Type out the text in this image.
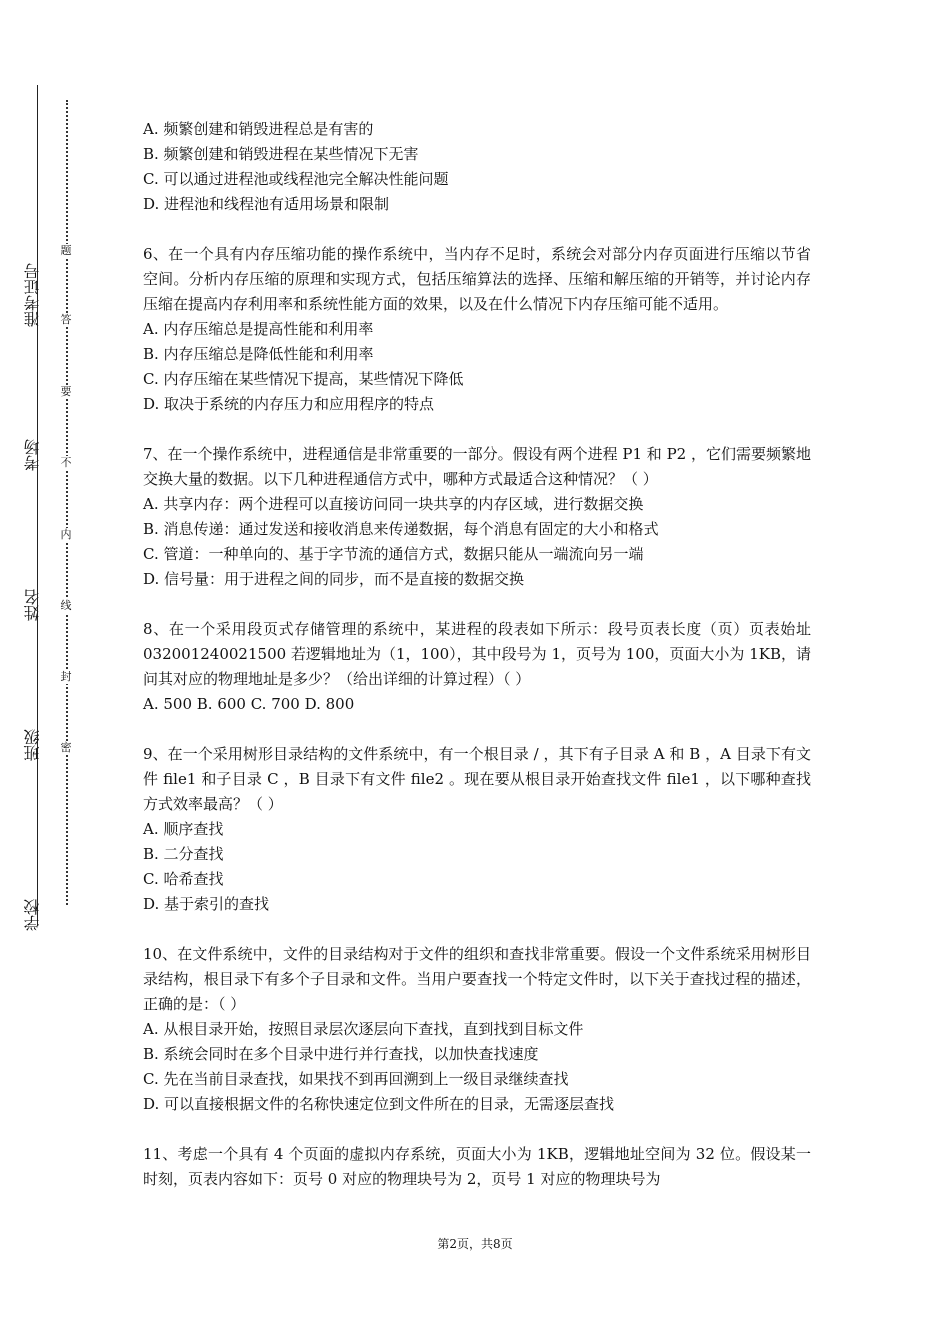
准考证号
考场
姓名
班级
学校
题
答
要
不
内
线
封
密

A. 频繁创建和销毁进程总是有害的

B. 频繁创建和销毁进程在某些情况下无害

C. 可以通过进程池或线程池完全解决性能问题

D. 进程池和线程池有适用场景和限制

6、在一个具有内存压缩功能的操作系统中，当内存不足时，系统会对部分内存页面进行压缩以节省空间。分析内存压缩的原理和实现方式，包括压缩算法的选择、压缩和解压缩的开销等，并讨论内存压缩在提高内存利用率和系统性能方面的效果，以及在什么情况下内存压缩可能不适用。

A. 内存压缩总是提高性能和利用率

B. 内存压缩总是降低性能和利用率

C. 内存压缩在某些情况下提高，某些情况下降低

D. 取决于系统的内存压力和应用程序的特点

7、在一个操作系统中，进程通信是非常重要的一部分。假设有两个进程 P1 和 P2 ，它们需要频繁地交换大量的数据。以下几种进程通信方式中，哪种方式最适合这种情况？（ ）

A. 共享内存：两个进程可以直接访问同一块共享的内存区域，进行数据交换

B. 消息传递：通过发送和接收消息来传递数据，每个消息有固定的大小和格式

C. 管道：一种单向的、基于字节流的通信方式，数据只能从一端流向另一端

D. 信号量：用于进程之间的同步，而不是直接的数据交换

8、在一个采用段页式存储管理的系统中，某进程的段表如下所示：段号页表长度（页）页表始址 032001240021500 若逻辑地址为（1，100），其中段号为 1，页号为 100，页面大小为 1KB，请问其对应的物理地址是多少？（给出详细的计算过程）（ ）

A. 500 B. 600 C. 700 D. 800

9、在一个采用树形目录结构的文件系统中，有一个根目录 / ，其下有子目录 A 和 B ，A 目录下有文件 file1 和子目录 C ，B 目录下有文件 file2 。现在要从根目录开始查找文件 file1 ，以下哪种查找方式效率最高？（ ）

A. 顺序查找

B. 二分查找

C. 哈希查找

D. 基于索引的查找

10、在文件系统中，文件的目录结构对于文件的组织和查找非常重要。假设一个文件系统采用树形目录结构，根目录下有多个子目录和文件。当用户要查找一个特定文件时，以下关于查找过程的描述，正确的是：（ ）

A. 从根目录开始，按照目录层次逐层向下查找，直到找到目标文件

B. 系统会同时在多个目录中进行并行查找，以加快查找速度

C. 先在当前目录查找，如果找不到再回溯到上一级目录继续查找

D. 可以直接根据文件的名称快速定位到文件所在的目录，无需逐层查找

11、考虑一个具有 4 个页面的虚拟内存系统，页面大小为 1KB，逻辑地址空间为 32 位。假设某一时刻，页表内容如下：页号 0 对应的物理块号为 2，页号 1 对应的物理块号为

第2页，共8页
